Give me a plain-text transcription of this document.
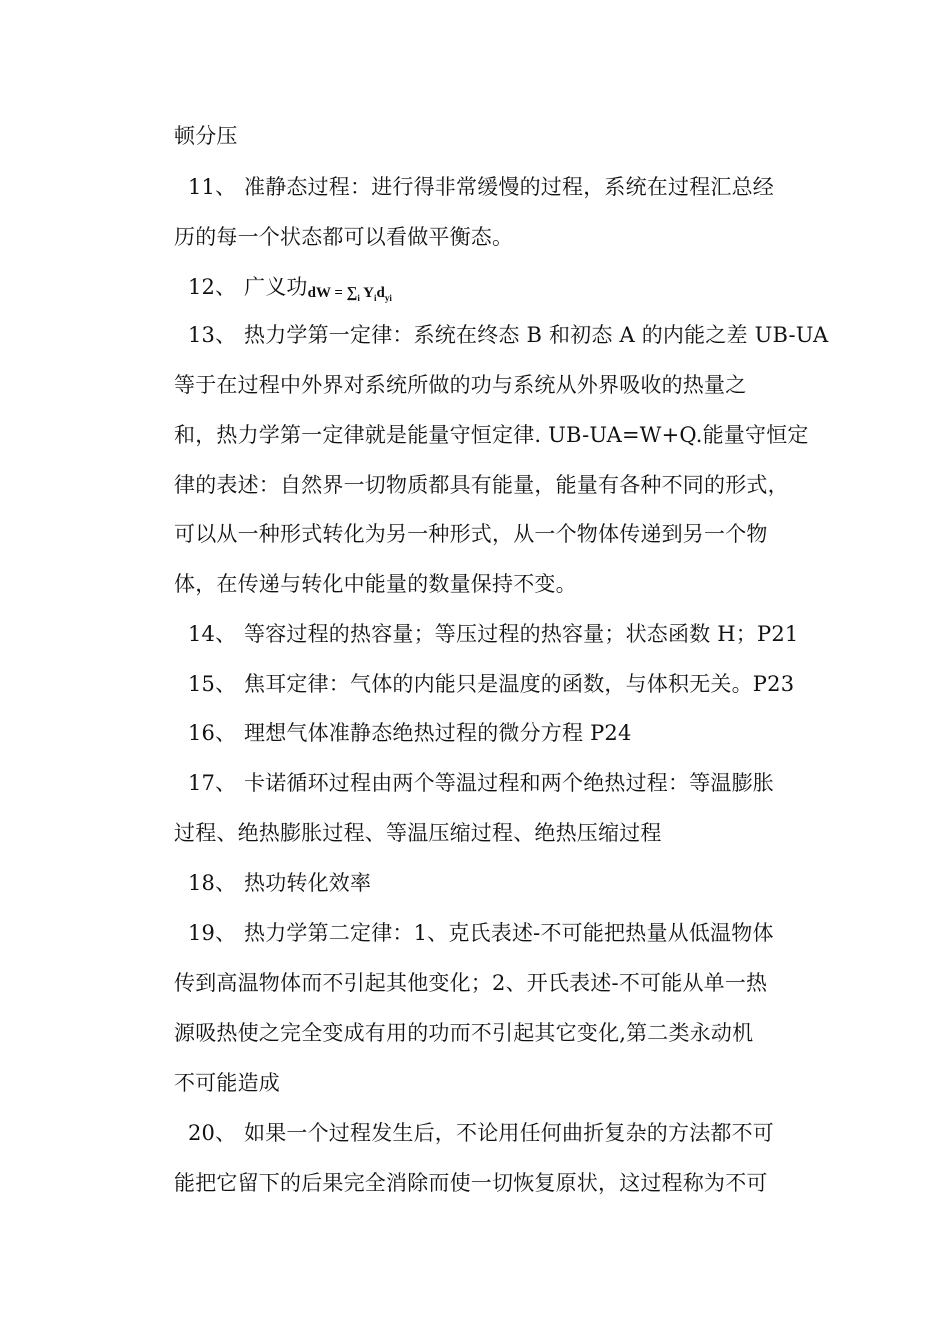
顿分压
11、 准静态过程：进行得非常缓慢的过程，系统在过程汇总经
历的每一个状态都可以看做平衡态。
12、 广义功dW = $\sum_i$ $Y_id_{yi}$
13、 热力学第一定律：系统在终态 B 和初态 A 的内能之差 UB-UA
等于在过程中外界对系统所做的功与系统从外界吸收的热量之
和，热力学第一定律就是能量守恒定律. UB-UA=W+Q.能量守恒定
律的表述：自然界一切物质都具有能量，能量有各种不同的形式，
可以从一种形式转化为另一种形式，从一个物体传递到另一个物
体，在传递与转化中能量的数量保持不变。
14、 等容过程的热容量；等压过程的热容量；状态函数 H；P21
15、 焦耳定律：气体的内能只是温度的函数，与体积无关。P23
16、 理想气体准静态绝热过程的微分方程 P24
17、 卡诺循环过程由两个等温过程和两个绝热过程：等温膨胀
过程、绝热膨胀过程、等温压缩过程、绝热压缩过程
18、 热功转化效率
19、 热力学第二定律：1、克氏表述-不可能把热量从低温物体
传到高温物体而不引起其他变化；2、开氏表述-不可能从单一热
源吸热使之完全变成有用的功而不引起其它变化,第二类永动机
不可能造成
20、 如果一个过程发生后，不论用任何曲折复杂的方法都不可
能把它留下的后果完全消除而使一切恢复原状，这过程称为不可
